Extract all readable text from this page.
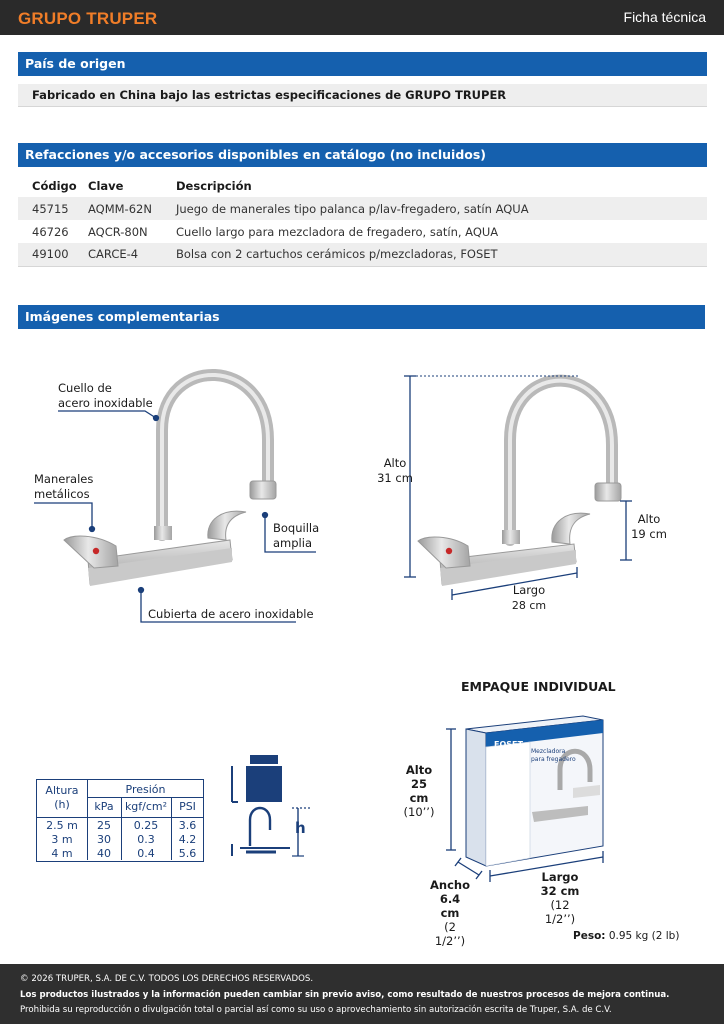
GRUPO TRUPER	Ficha técnica
País de origen
Fabricado en China bajo las estrictas especificaciones de GRUPO TRUPER
Refacciones y/o accesorios disponibles en catálogo (no incluidos)
Código	Clave	Descripción
45715	AQMM-62N	Juego de manerales tipo palanca p/lav-fregadero, satín AQUA
46726	AQCR-80N	Cuello largo para mezcladora de fregadero, satín, AQUA
49100	CARCE-4	Bolsa con 2 cartuchos cerámicos p/mezcladoras, FOSET
Imágenes complementarias
Cuello de
acero inoxidable
Manerales
metálicos
Boquilla
amplia
Cubierta de acero inoxidable
Alto
31 cm
Alto
19 cm
Largo

28 cm
Altura
(h)
Presión
kPa	kgf/cm²	PSI
2.5 m	25	0.25	3.6
3 m	30	0.3	4.2
4 m	40	0.4	5.6
h
EMPAQUE INDIVIDUAL
FOSET
Mezcladora
para fregadero
Alto
25 cm
(10’’)
Ancho
6.4 cm
(2 1/2’’)
Largo
32 cm
(12 1/2’’)
Peso: 0.95 kg (2 lb)
© 2026 TRUPER, S.A. DE C.V. TODOS LOS DERECHOS RESERVADOS.
Los productos ilustrados y la información pueden cambiar sin previo aviso, como resultado de nuestros procesos de mejora continua.
Prohibida su reproducción o divulgación total o parcial así como su uso o aprovechamiento sin autorización escrita de Truper, S.A. de C.V.
